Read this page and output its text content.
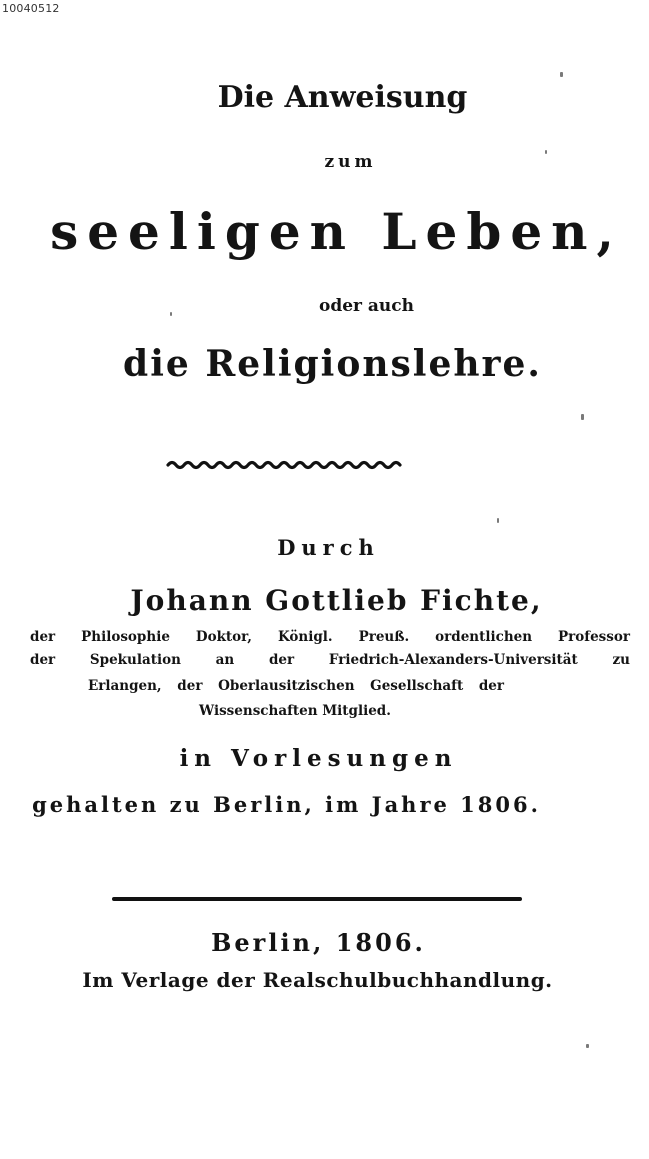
10040512
Die Anweisung
zum
seeligen Leben,
oder auch
die Religionslehre.
Durch
Johann Gottlieb Fichte,
der Philosophie Doktor, Königl. Preuß. ordentlichen Professor
der Spekulation an der Friedrich-Alexanders-Universität zu
Erlangen, der Oberlausitzischen Gesellschaft der
Wissenschaften Mitglied.
in Vorlesungen
gehalten zu Berlin, im Jahre 1806.
Berlin, 1806.
Im Verlage der Realschulbuchhandlung.
